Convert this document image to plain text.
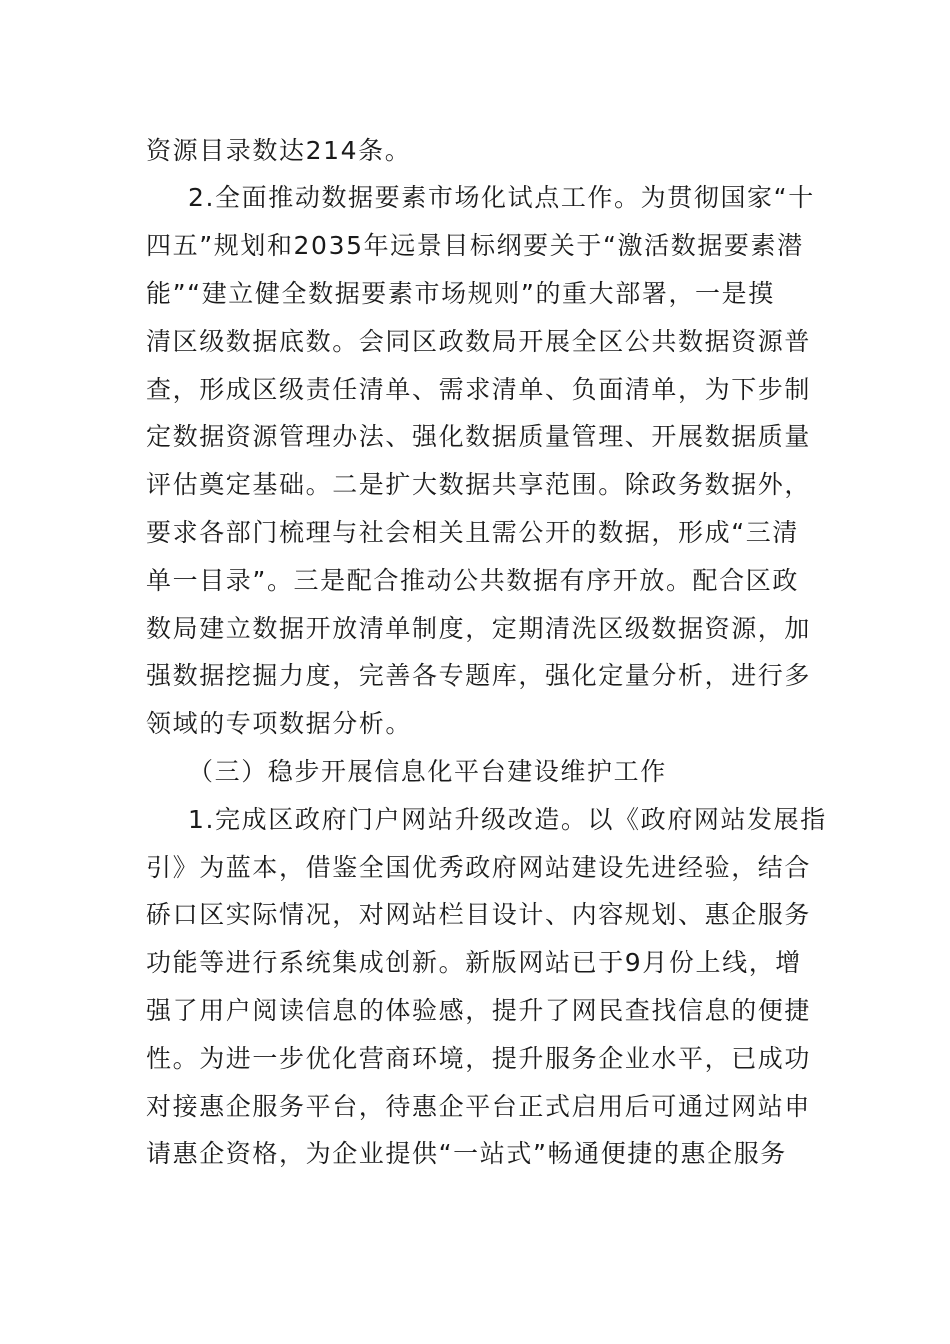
资源目录数达214条。
2.全面推动数据要素市场化试点工作。为贯彻国家“十
四五”规划和2035年远景目标纲要关于“激活数据要素潜
能”“建立健全数据要素市场规则”的重大部署，一是摸
清区级数据底数。会同区政数局开展全区公共数据资源普
查，形成区级责任清单、需求清单、负面清单，为下步制
定数据资源管理办法、强化数据质量管理、开展数据质量
评估奠定基础。二是扩大数据共享范围。除政务数据外，
要求各部门梳理与社会相关且需公开的数据，形成“三清
单一目录”。三是配合推动公共数据有序开放。配合区政
数局建立数据开放清单制度，定期清洗区级数据资源，加
强数据挖掘力度，完善各专题库，强化定量分析，进行多
领域的专项数据分析。
（三）稳步开展信息化平台建设维护工作
1.完成区政府门户网站升级改造。以《政府网站发展指
引》为蓝本，借鉴全国优秀政府网站建设先进经验，结合
硚口区实际情况，对网站栏目设计、内容规划、惠企服务
功能等进行系统集成创新。新版网站已于9月份上线，增
强了用户阅读信息的体验感，提升了网民查找信息的便捷
性。为进一步优化营商环境，提升服务企业水平，已成功
对接惠企服务平台，待惠企平台正式启用后可通过网站申
请惠企资格，为企业提供“一站式”畅通便捷的惠企服务
